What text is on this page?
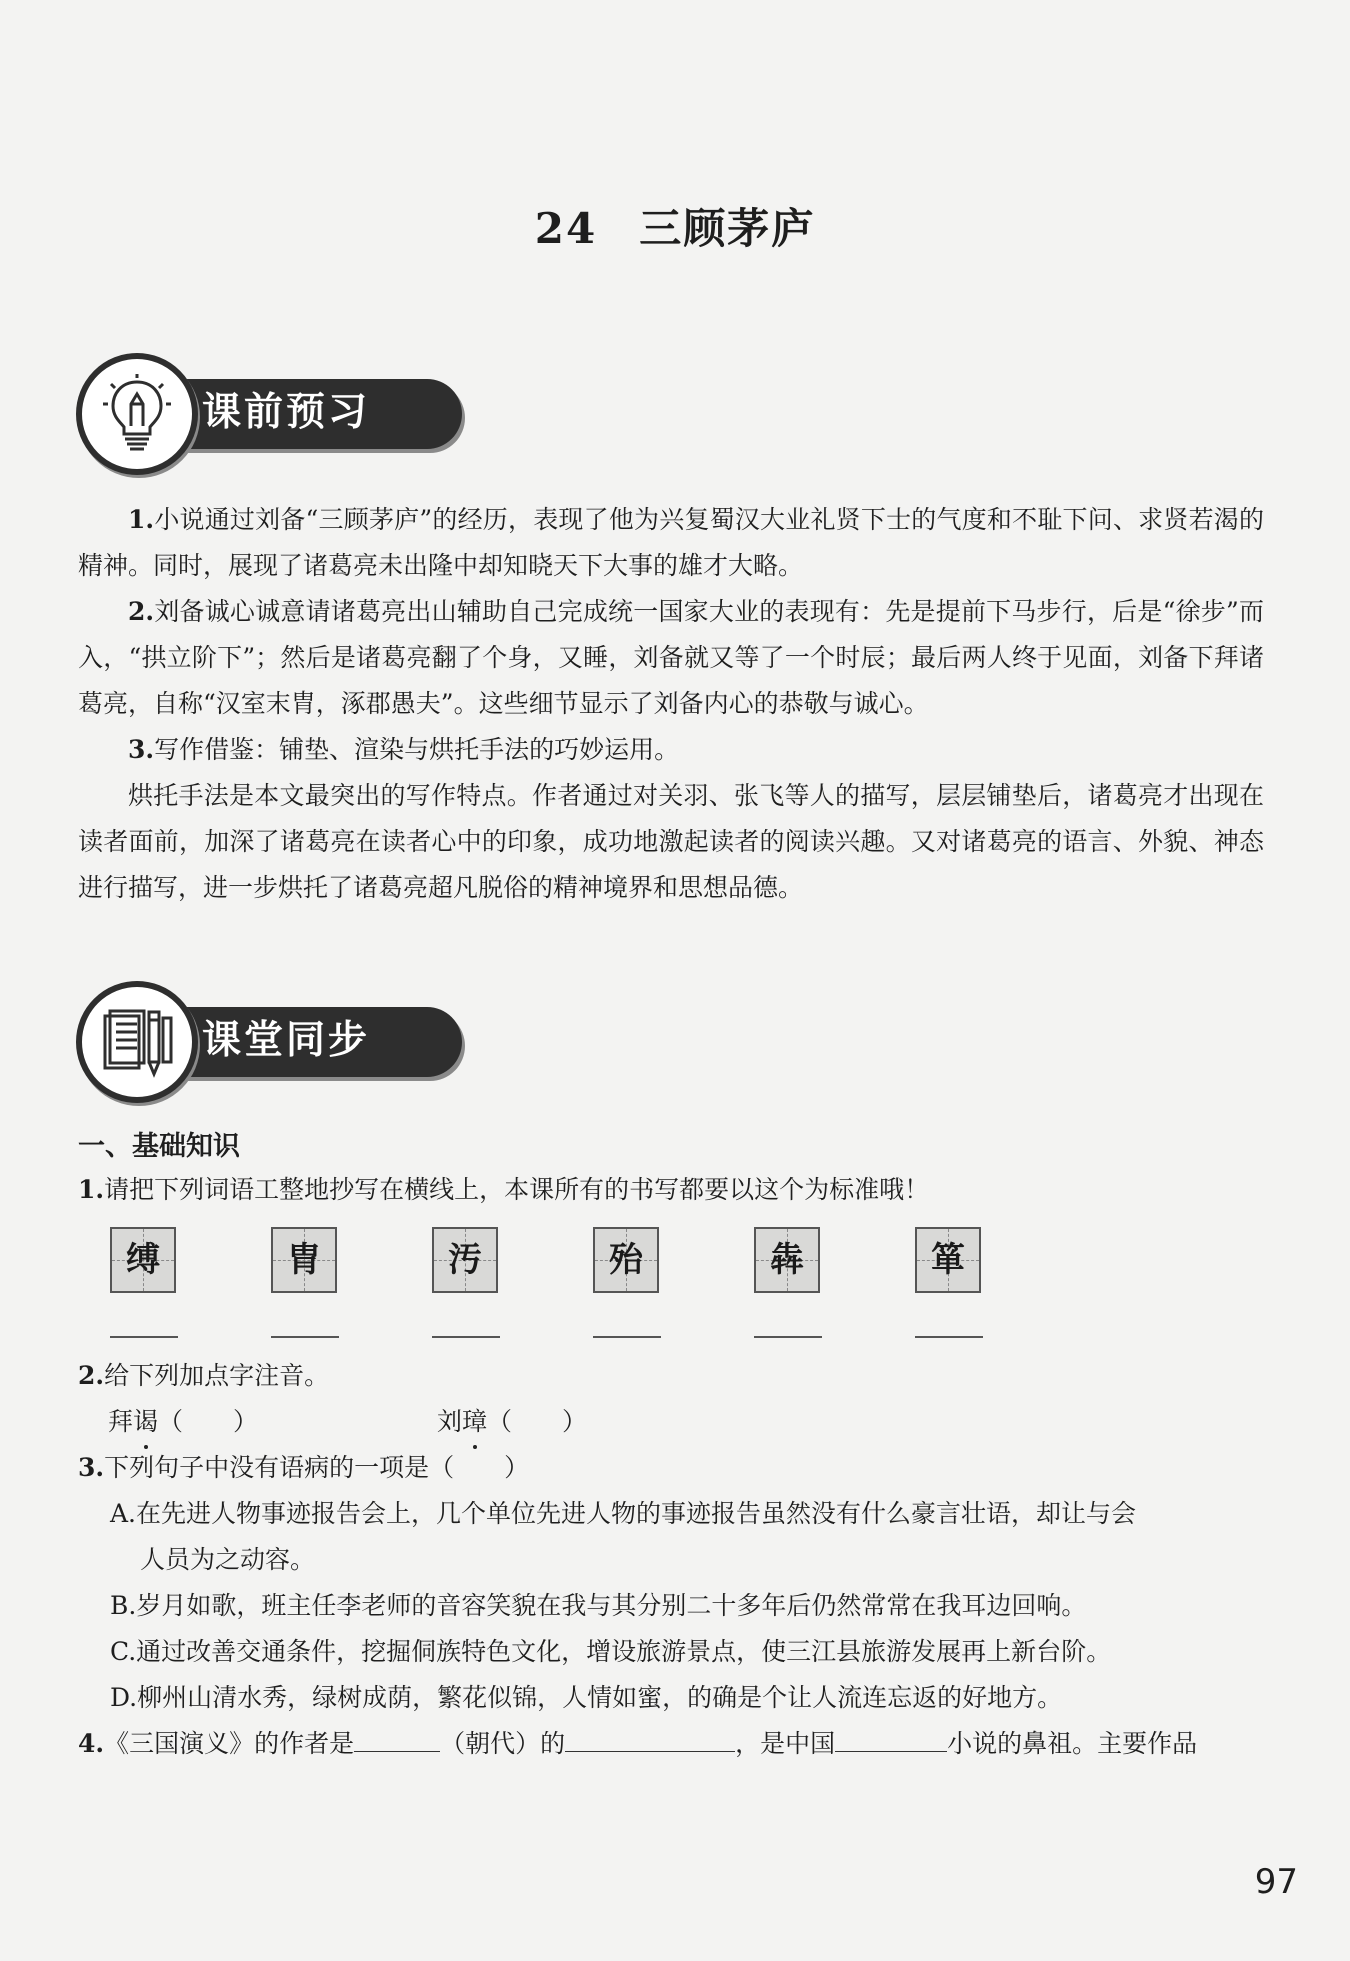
24 三顾茅庐
课前预习

1.小说通过刘备“三顾茅庐”的经历，表现了他为兴复蜀汉大业礼贤下士的气度和不耻下问、求贤若渴的精神。同时，展现了诸葛亮未出隆中却知晓天下大事的雄才大略。

2.刘备诚心诚意请诸葛亮出山辅助自己完成统一国家大业的表现有：先是提前下马步行，后是“徐步”而入，“拱立阶下”；然后是诸葛亮翻了个身，又睡，刘备就又等了一个时辰；最后两人终于见面，刘备下拜诸葛亮，自称“汉室末胄，涿郡愚夫”。这些细节显示了刘备内心的恭敬与诚心。

3.写作借鉴：铺垫、渲染与烘托手法的巧妙运用。

烘托手法是本文最突出的写作特点。作者通过对关羽、张飞等人的描写，层层铺垫后，诸葛亮才出现在读者面前，加深了诸葛亮在读者心中的印象，成功地激起读者的阅读兴趣。又对诸葛亮的语言、外貌、神态进行描写，进一步烘托了诸葛亮超凡脱俗的精神境界和思想品德。

课堂同步
一、基础知识
1.请把下列词语工整地抄写在横线上，本课所有的书写都要以这个为标准哦！
缚	胄	汚	殆	犇	箪
2.给下列加点字注音。
拜谒（　　）	刘璋（　　）
3.下列句子中没有语病的一项是（　　）
A.在先进人物事迹报告会上，几个单位先进人物的事迹报告虽然没有什么豪言壮语，却让与会
人员为之动容。
B.岁月如歌，班主任李老师的音容笑貌在我与其分别二十多年后仍然常常在我耳边回响。
C.通过改善交通条件，挖掘侗族特色文化，增设旅游景点，使三江县旅游发展再上新台阶。
D.柳州山清水秀，绿树成荫，繁花似锦，人情如蜜，的确是个让人流连忘返的好地方。
4.《三国演义》的作者是	（朝代）的	，是中国	小说的鼻祖。主要作品
97
